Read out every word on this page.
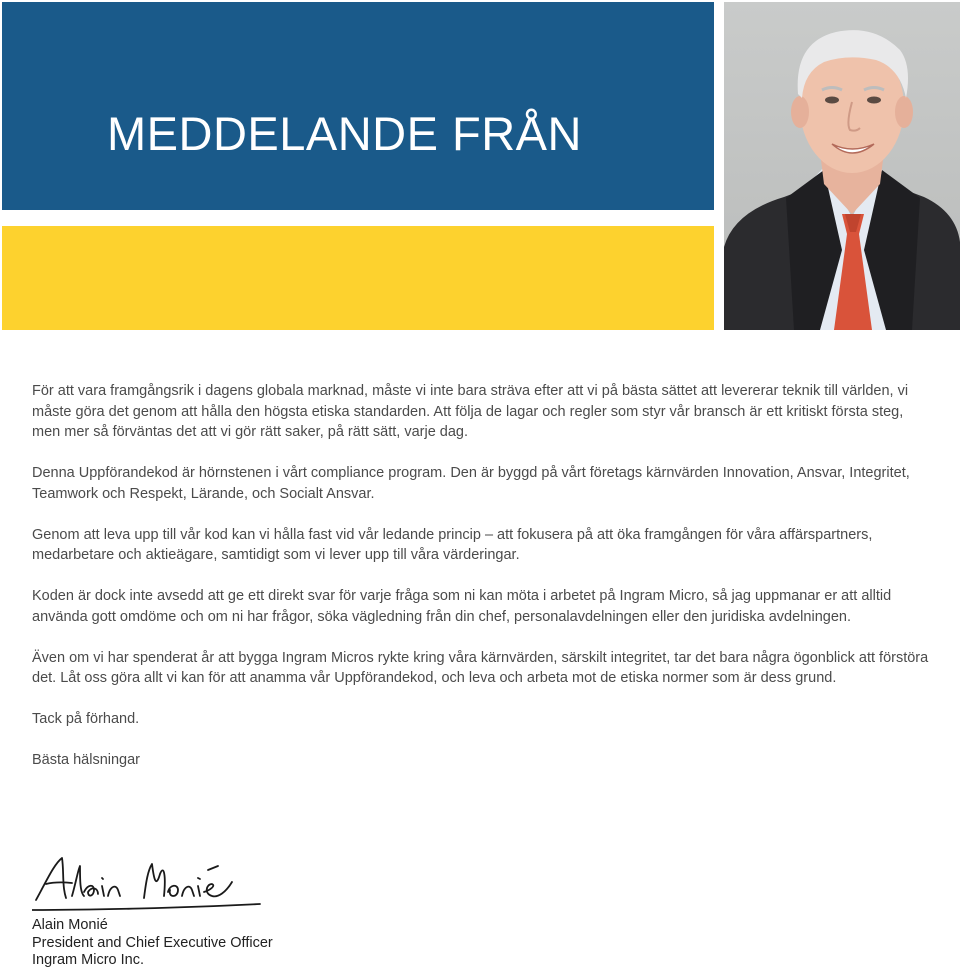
MEDDELANDE FRÅN

För att vara framgångsrik i dagens globala marknad, måste vi inte bara sträva efter att vi på bästa sättet att levererar teknik till världen, vi måste göra det genom att hålla den högsta etiska standarden. Att följa de lagar och regler som styr vår bransch är ett kritiskt första steg, men mer så förväntas det att vi gör rätt saker, på rätt sätt, varje dag.

Denna Uppförandekod är hörnstenen i vårt compliance program. Den är byggd på vårt företags kärnvärden Innovation, Ansvar, Integritet, Teamwork och Respekt, Lärande, och Socialt Ansvar.

Genom att leva upp till vår kod kan vi hålla fast vid vår ledande princip – att fokusera på att öka framgången för våra affärspartners, medarbetare och aktieägare, samtidigt som vi lever upp till våra värderingar.

Koden är dock inte avsedd att ge ett direkt svar för varje fråga som ni kan möta i arbetet på Ingram Micro, så jag uppmanar er att alltid använda gott omdöme och om ni har frågor, söka vägledning från din chef, personalavdelningen eller den juridiska avdelningen.

Även om vi har spenderat år att bygga Ingram Micros rykte kring våra kärnvärden, särskilt integritet, tar det bara några ögonblick att förstöra det. Låt oss göra allt vi kan för att anamma vår Uppförandekod, och leva och arbeta mot de etiska normer som är dess grund.

Tack på förhand.

Bästa hälsningar

Alain Monié
President and Chief Executive Officer
Ingram Micro Inc.
